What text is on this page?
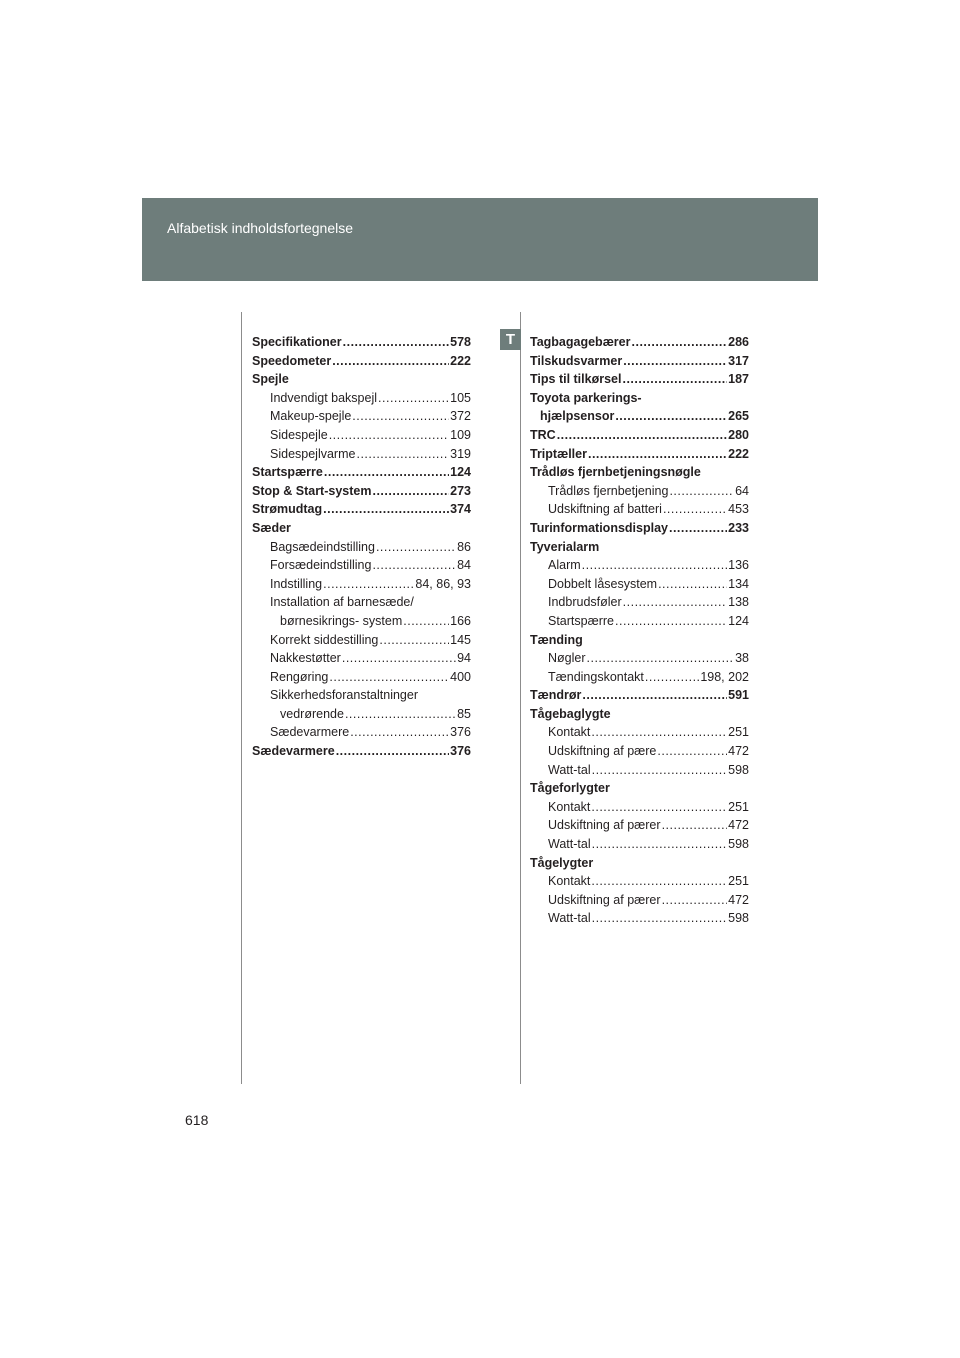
Alfabetisk indholdsfortegnelse
T
Specifikationer .....	578
Speedometer .....	222
Spejle
Indvendigt bakspejl .....	105
Makeup-spejle .....	372
Sidespejle .....	109
Sidespejlvarme .....	319
Startspærre .....	124
Stop & Start-system .....	273
Strømudtag .....	374
Sæder
Bagsædeindstilling .....	86
Forsædeindstilling .....	84
Indstilling .....	84, 86, 93
Installation af barnesæde/
børnesikrings- system .....	166
Korrekt siddestilling .....	145
Nakkestøtter .....	94
Rengøring .....	400
Sikkerhedsforanstaltninger
vedrørende .....	85
Sædevarmere .....	376
Sædevarmere .....	376
Tagbagagebærer .....	286
Tilskudsvarmer .....	317
Tips til tilkørsel .....	187
Toyota parkerings-
hjælpsensor .....	265
TRC .....	280
Triptæller .....	222
Trådløs fjernbetjeningsnøgle
Trådløs fjernbetjening .....	64
Udskiftning af batteri .....	453
Turinformationsdisplay .....	233
Tyverialarm
Alarm .....	136
Dobbelt låsesystem .....	134
Indbrudsføler .....	138
Startspærre .....	124
Tænding
Nøgler .....	38
Tændingskontakt .....	198, 202
Tændrør .....	591
Tågebaglygte
Kontakt .....	251
Udskiftning af pære .....	472
Watt-tal .....	598
Tågeforlygter
Kontakt .....	251
Udskiftning af pærer .....	472
Watt-tal .....	598
Tågelygter
Kontakt .....	251
Udskiftning af pærer .....	472
Watt-tal .....	598
618
